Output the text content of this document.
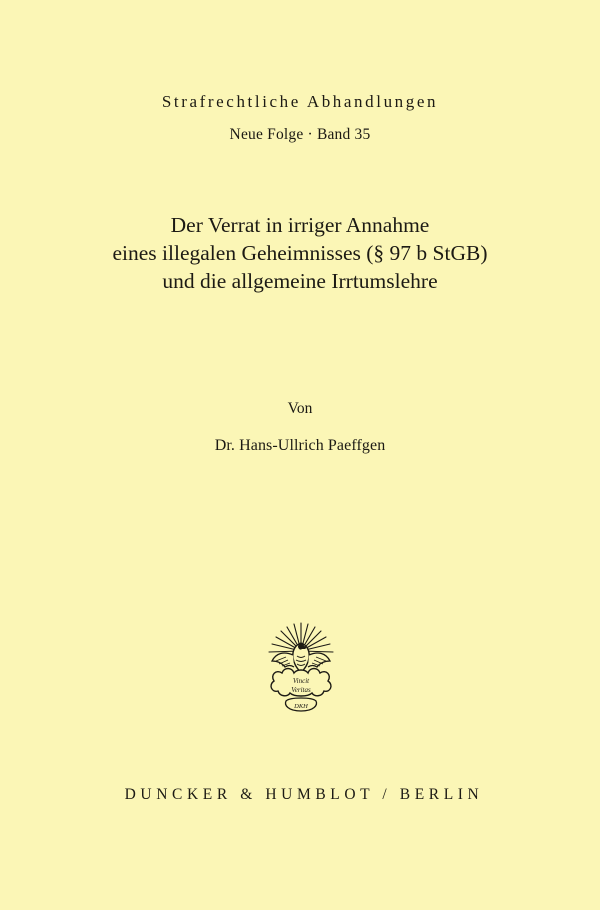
Strafrechtliche Abhandlungen
Neue Folge · Band 35
Der Verrat in irriger Annahme
eines illegalen Geheimnisses (§ 97 b StGB)
und die allgemeine Irrtumslehre
Von
Dr. Hans-Ullrich Paeffgen
Vincit
Veritas
DKH
DUNCKER & HUMBLOT / BERLIN
